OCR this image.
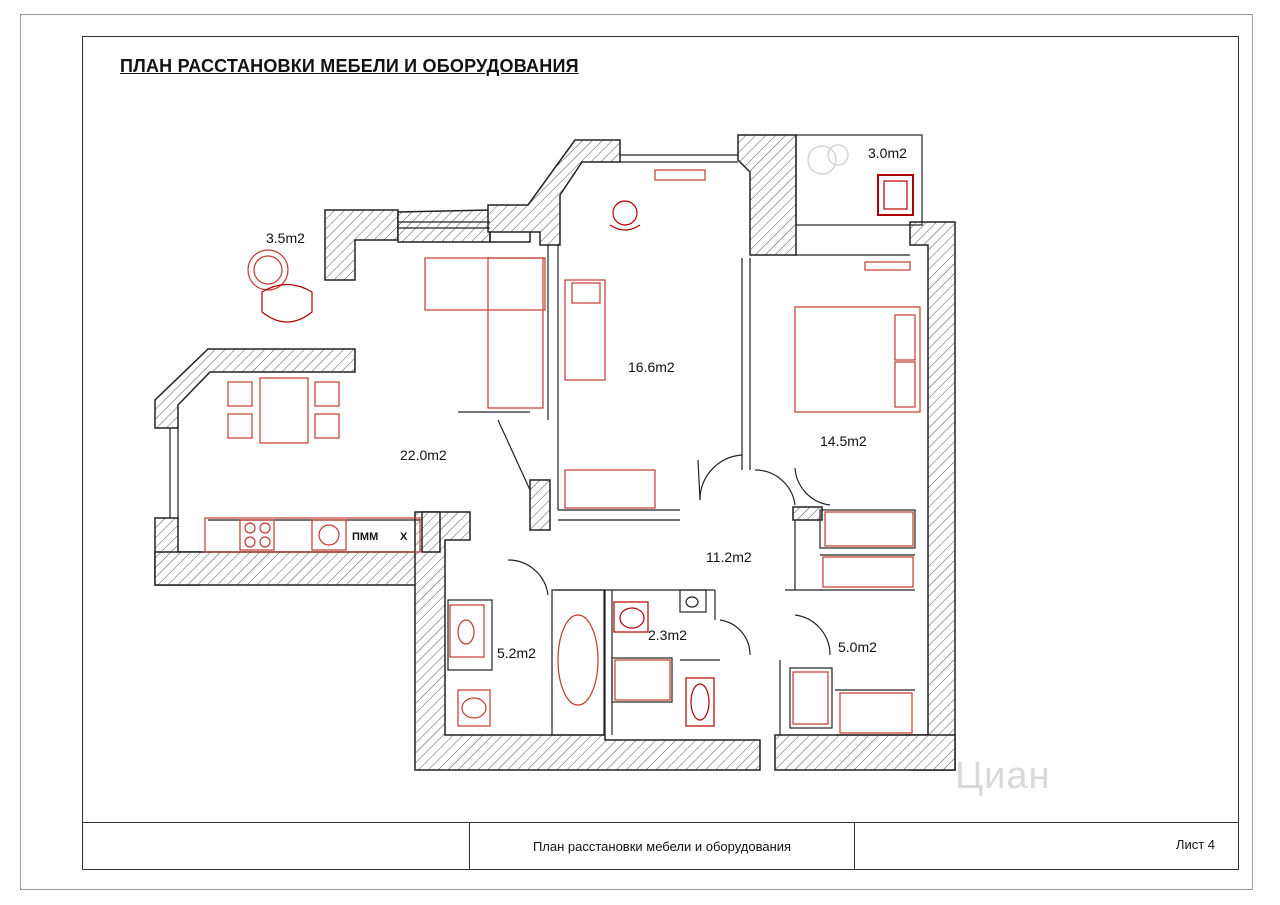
ПЛАН РАССТАНОВКИ МЕБЕЛИ И ОБОРУДОВАНИЯ
3.5m2
22.0m2
16.6m2
3.0m2
14.5m2
11.2m2
5.2m2
2.3m2
5.0m2
ПММ Х
Циан
План расстановки мебели и оборудования	Лист 4
